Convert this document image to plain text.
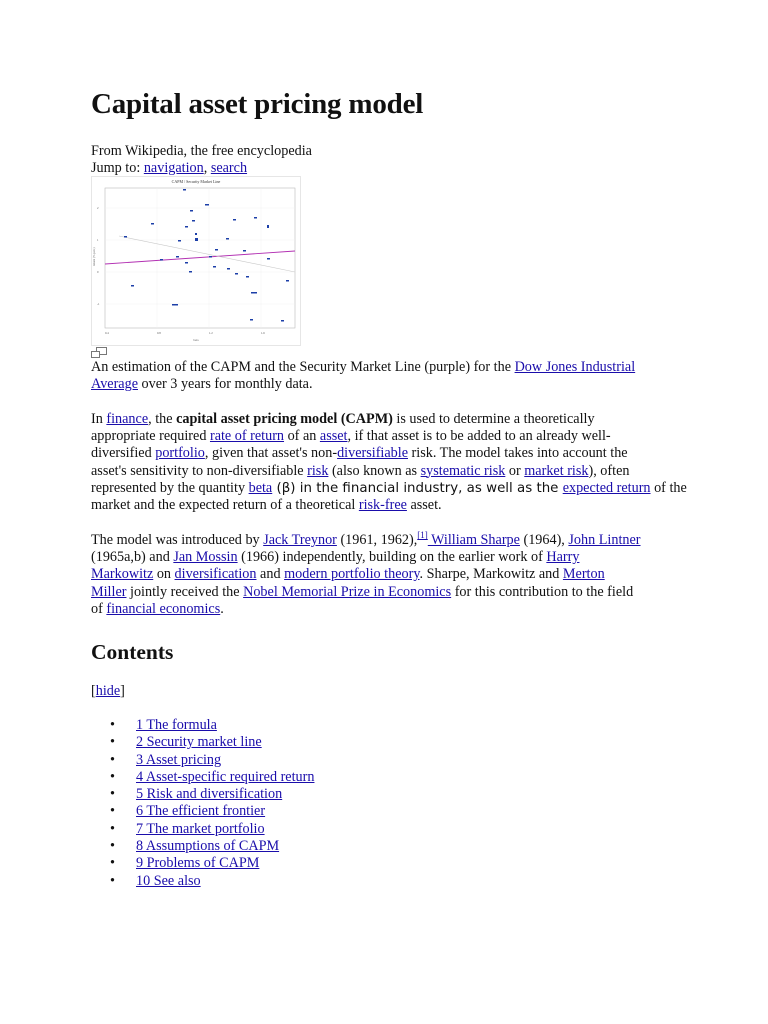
Capital asset pricing model
From Wikipedia, the free encyclopedia
Jump to: navigation, search
CAPM / Security Market Line
2
1
0
-1
0.4	0.8	1.2	1.6
beta
return (% p.m.)
An estimation of the CAPM and the Security Market Line (purple) for the Dow Jones Industrial
Average over 3 years for monthly data.
In finance, the capital asset pricing model (CAPM) is used to determine a theoretically
appropriate required rate of return of an asset, if that asset is to be added to an already well-
diversified portfolio, given that asset's non-diversifiable risk. The model takes into account the
asset's sensitivity to non-diversifiable risk (also known as systematic risk or market risk), often
represented by the quantity beta (β) in the financial industry, as well as the expected return of the
market and the expected return of a theoretical risk-free asset.
The model was introduced by Jack Treynor (1961, 1962),[1] William Sharpe (1964), John Lintner
(1965a,b) and Jan Mossin (1966) independently, building on the earlier work of Harry
Markowitz on diversification and modern portfolio theory. Sharpe, Markowitz and Merton
Miller jointly received the Nobel Memorial Prize in Economics for this contribution to the field
of financial economics.
Contents
[hide]
• 1 The formula
• 2 Security market line
• 3 Asset pricing
• 4 Asset-specific required return
• 5 Risk and diversification
• 6 The efficient frontier
• 7 The market portfolio
• 8 Assumptions of CAPM
• 9 Problems of CAPM
• 10 See also
